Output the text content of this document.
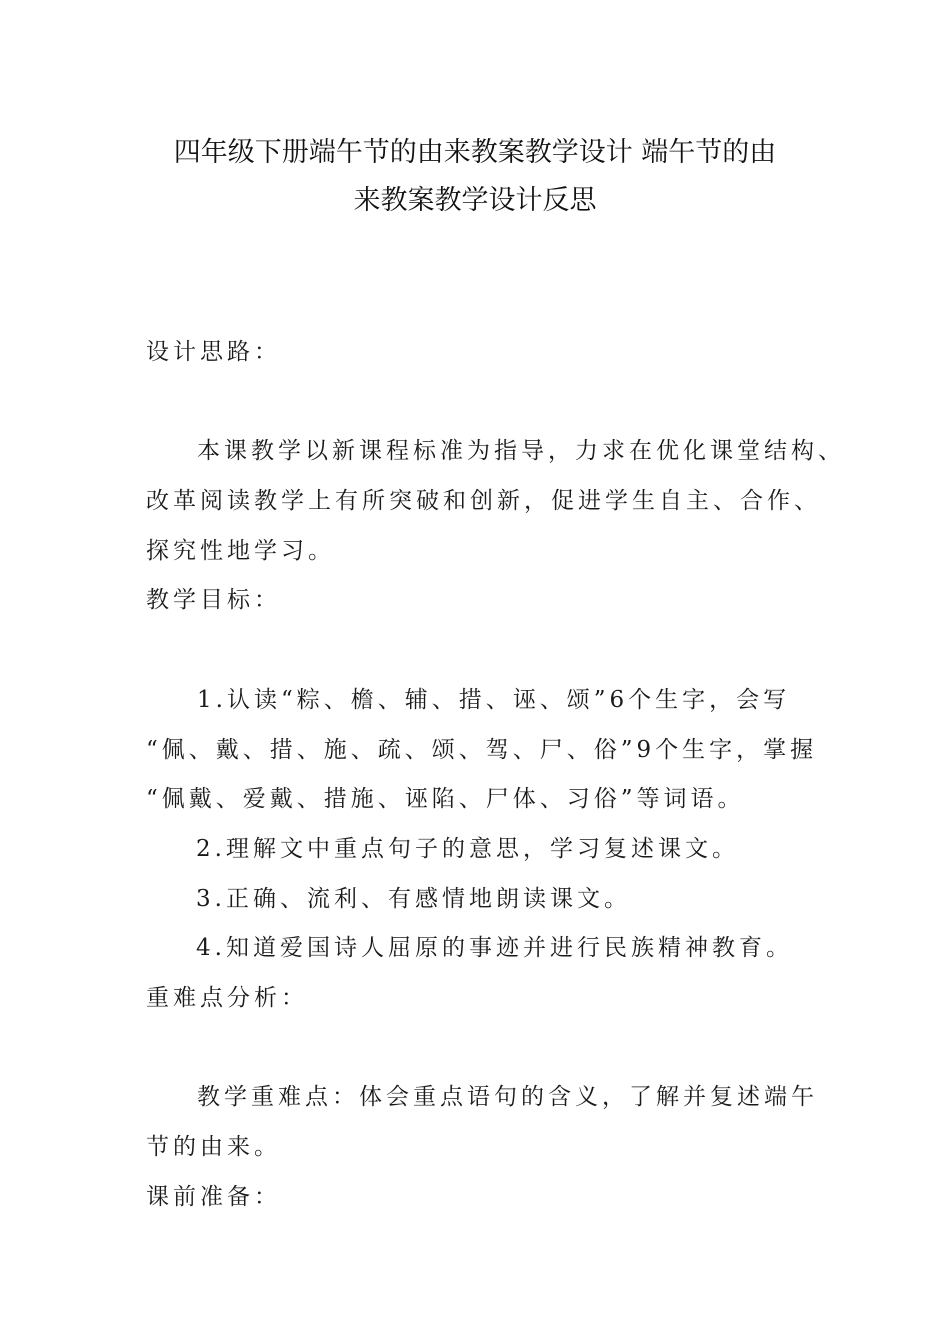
四年级下册端午节的由来教案教学设计 端午节的由
来教案教学设计反思

设计思路：

本课教学以新课程标准为指导，力求在优化课堂结构、

改革阅读教学上有所突破和创新，促进学生自主、合作、

探究性地学习。

教学目标：

1.认读“粽、檐、辅、措、诬、颂”6个生字，会写

“佩、戴、措、施、疏、颂、驾、尸、俗”9个生字，掌握

“佩戴、爱戴、措施、诬陷、尸体、习俗”等词语。

2.理解文中重点句子的意思，学习复述课文。

3.正确、流利、有感情地朗读课文。

4.知道爱国诗人屈原的事迹并进行民族精神教育。

重难点分析：

教学重难点：体会重点语句的含义，了解并复述端午

节的由来。

课前准备：
